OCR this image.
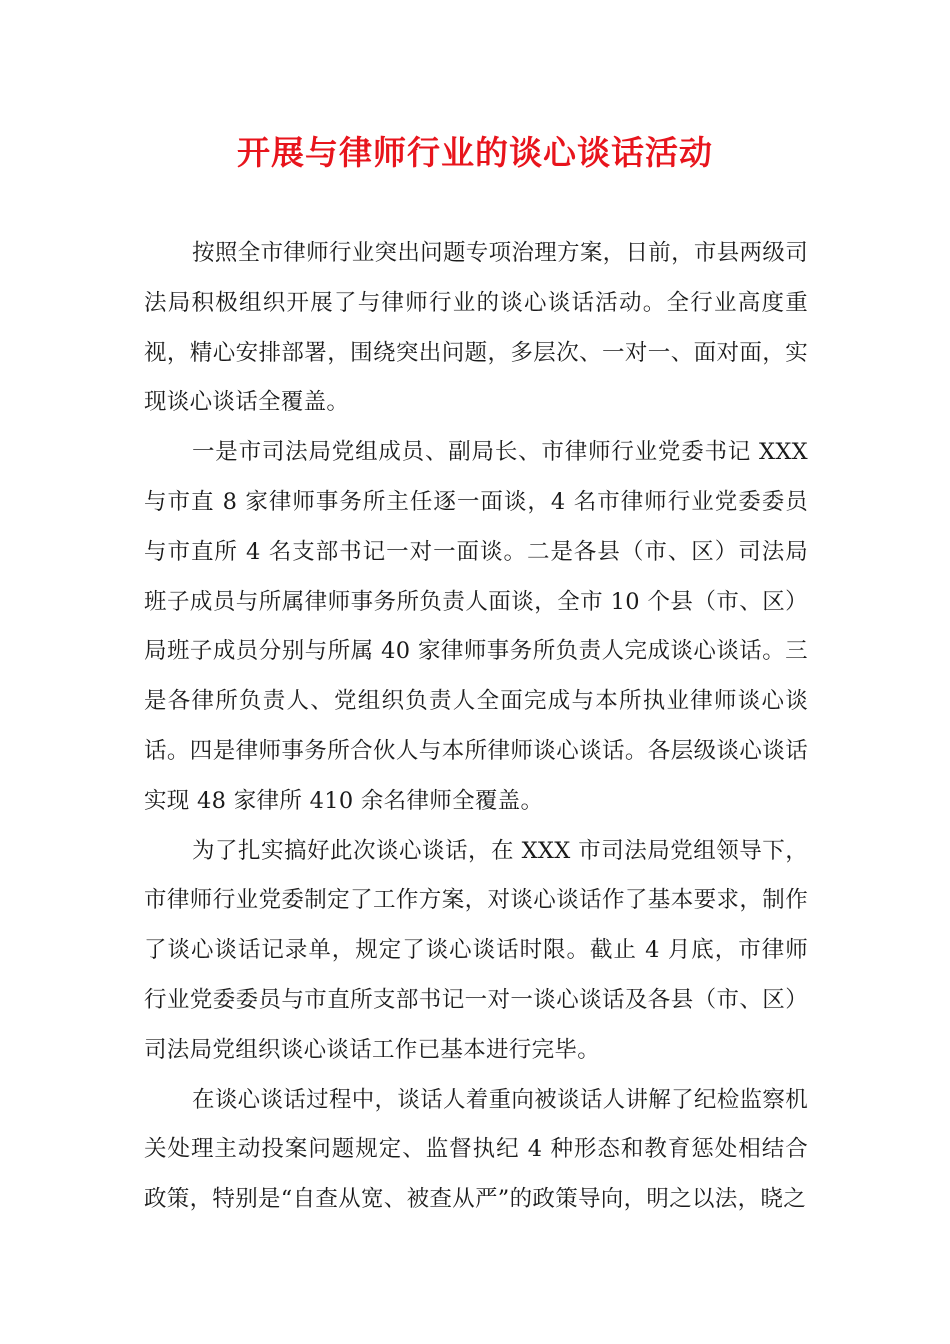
开展与律师行业的谈心谈话活动

按照全市律师行业突出问题专项治理方案，日前，市县两级司法局积极组织开展了与律师行业的谈心谈话活动。全行业高度重视，精心安排部署，围绕突出问题，多层次、一对一、面对面，实现谈心谈话全覆盖。

一是市司法局党组成员、副局长、市律师行业党委书记 XXX 与市直 8 家律师事务所主任逐一面谈，4 名市律师行业党委委员与市直所 4 名支部书记一对一面谈。二是各县（市、区）司法局班子成员与所属律师事务所负责人面谈，全市 10 个县（市、区）局班子成员分别与所属 40 家律师事务所负责人完成谈心谈话。三是各律所负责人、党组织负责人全面完成与本所执业律师谈心谈话。四是律师事务所合伙人与本所律师谈心谈话。各层级谈心谈话实现 48 家律所 410 余名律师全覆盖。

为了扎实搞好此次谈心谈话，在 XXX 市司法局党组领导下，市律师行业党委制定了工作方案，对谈心谈话作了基本要求，制作了谈心谈话记录单，规定了谈心谈话时限。截止 4 月底，市律师行业党委委员与市直所支部书记一对一谈心谈话及各县（市、区）司法局党组织谈心谈话工作已基本进行完毕。

在谈心谈话过程中，谈话人着重向被谈话人讲解了纪检监察机关处理主动投案问题规定、监督执纪 4 种形态和教育惩处相结合政策，特别是“自查从宽、被查从严”的政策导向，明之以法，晓之
